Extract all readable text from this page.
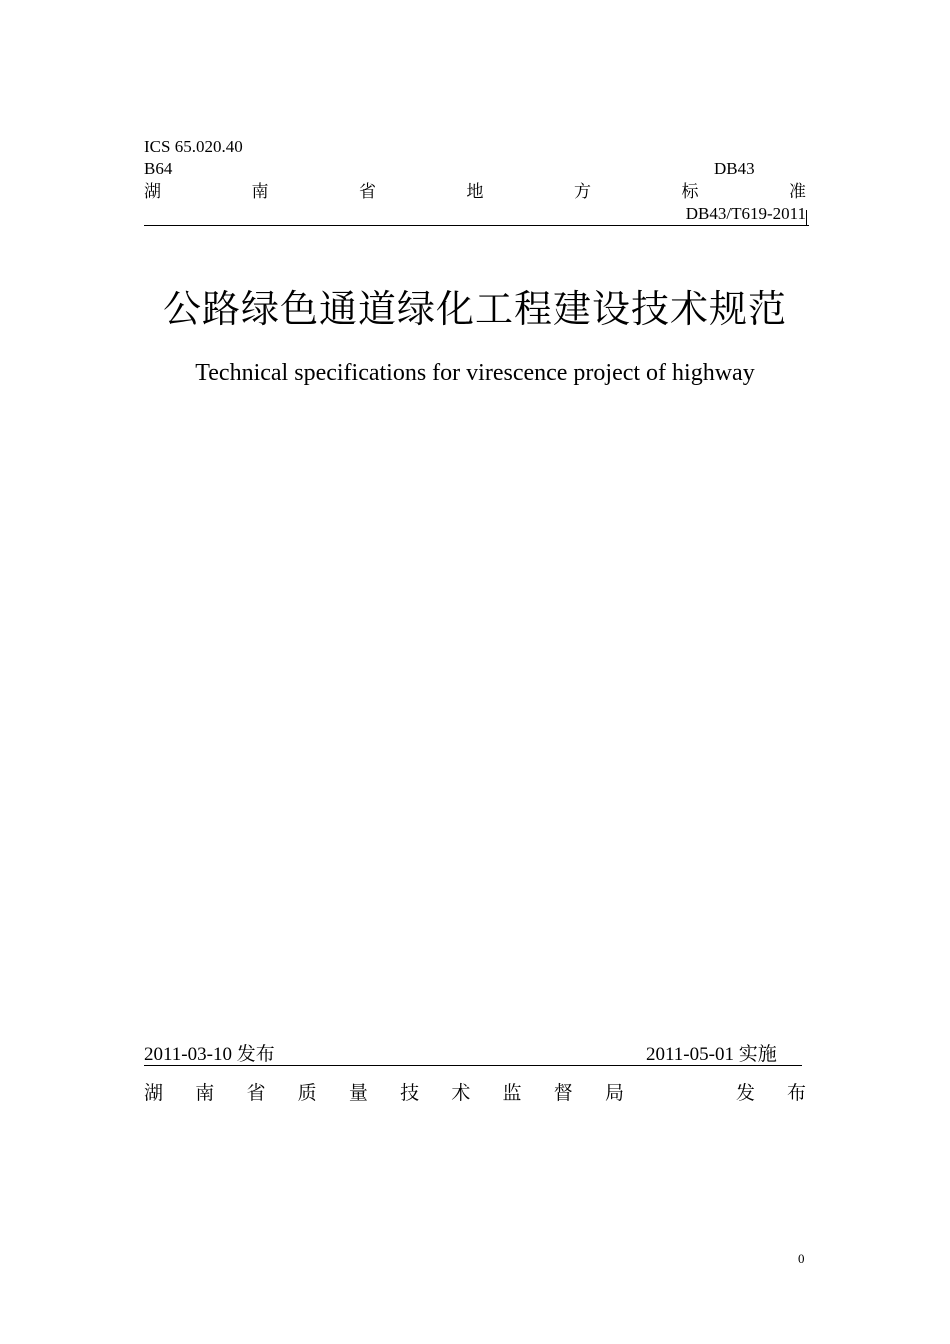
ICS 65.020.40
B64	DB43
湖	南	省	地	方	标	准
DB43/T619-2011
公路绿色通道绿化工程建设技术规范
Technical specifications for virescence project of highway
2011-03-10 发布	2011-05-01 实施
湖 南 省 质 量 技 术 监 督 局	发 布
0
